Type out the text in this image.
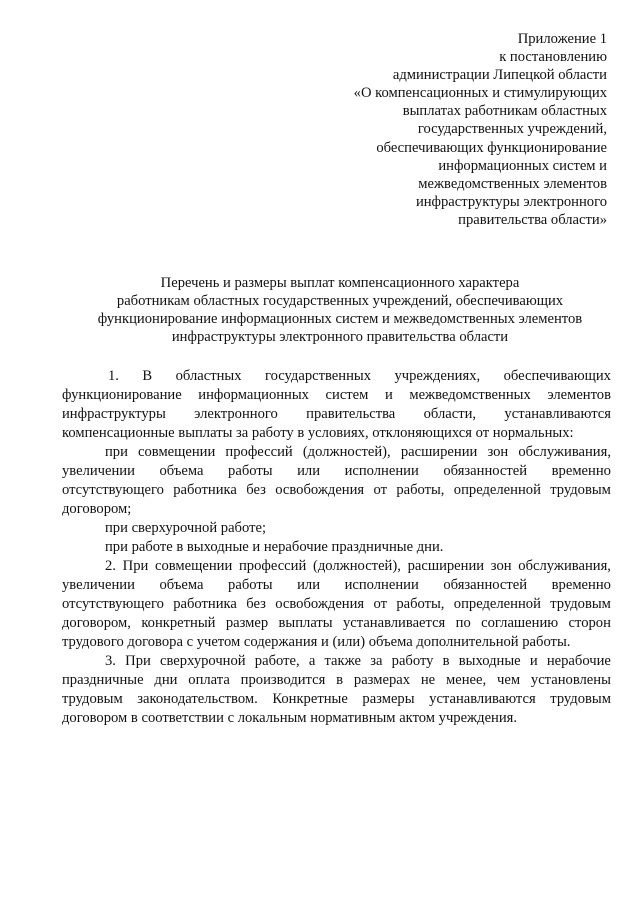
Приложение 1
к постановлению
администрации Липецкой области
«О компенсационных и стимулирующих
выплатах работникам областных
государственных учреждений,
обеспечивающих функционирование
информационных систем и
межведомственных элементов
инфраструктуры электронного
правительства области»
Перечень и размеры выплат компенсационного характера
работникам областных государственных учреждений, обеспечивающих
функционирование информационных систем и межведомственных элементов
инфраструктуры электронного правительства области
1. В областных государственных учреждениях, обеспечивающих
функционирование информационных систем и межведомственных элементов
инфраструктуры электронного правительства области, устанавливаются
компенсационные выплаты за работу в условиях, отклоняющихся от нормальных:
при совмещении профессий (должностей), расширении зон обслуживания,
увеличении объема работы или исполнении обязанностей временно
отсутствующего работника без освобождения от работы, определенной трудовым
договором;
при сверхурочной работе;
при работе в выходные и нерабочие праздничные дни.
2. При совмещении профессий (должностей), расширении зон обслуживания,
увеличении объема работы или исполнении обязанностей временно
отсутствующего работника без освобождения от работы, определенной трудовым
договором, конкретный размер выплаты устанавливается по соглашению сторон
трудового договора с учетом содержания и (или) объема дополнительной работы.
3. При сверхурочной работе, а также за работу в выходные и нерабочие
праздничные дни оплата производится в размерах не менее, чем установлены
трудовым законодательством. Конкретные размеры устанавливаются трудовым
договором в соответствии с локальным нормативным актом учреждения.
